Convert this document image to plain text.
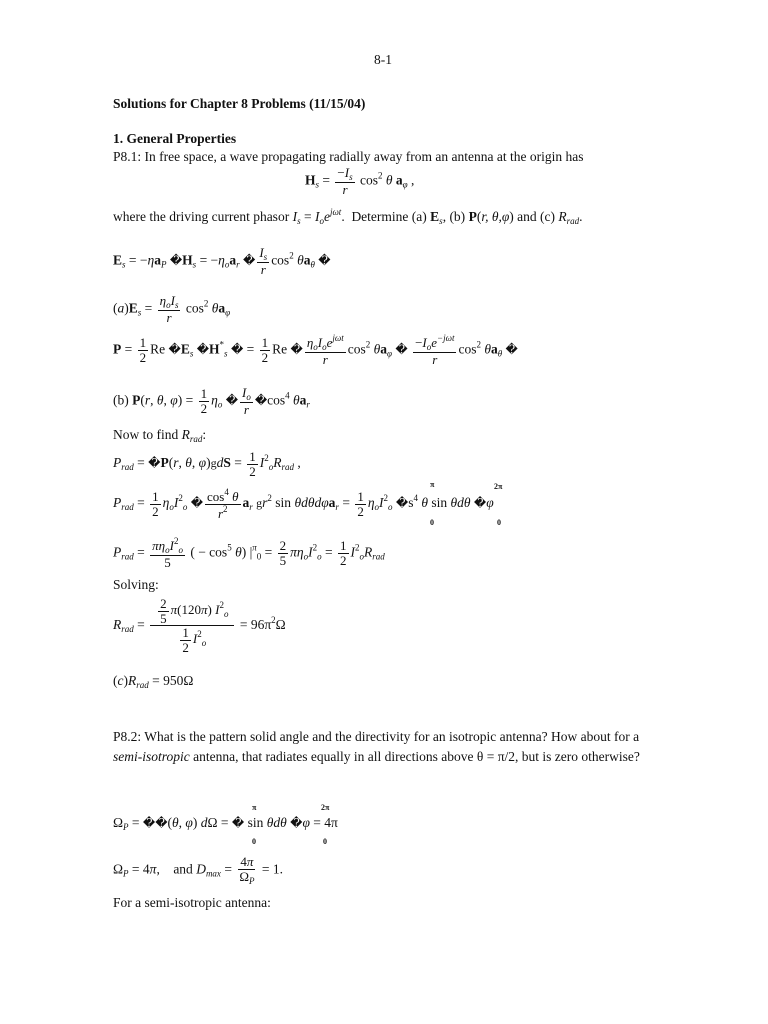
8-1
Solutions for Chapter 8 Problems (11/15/04)
1. General Properties
P8.1: In free space, a wave propagating radially away from an antenna at the origin has
$H_s = \frac{-I_s}{r} \cos^2 \theta$ $a_\varphi$ ,
where the driving current phasor $I_s = I_oe^{j\omega t}$.  Determine (a) $E_s$, (b) P(r, θ,φ) and (c) $R_{rad}$.
$E_s = -\eta a_P$ $�H_s = -\eta_oa_r$ � $\frac{I_s}{r} \cos^2 \theta a_\theta$ �
$(a)E_s = \frac{\eta_oI_s}{r} \cos^2 \theta a_\varphi$
$P = \frac{1}{2}$ Re $�E_s$ $�H^*_s$ � = $\frac{1}{2}$ Re � $\frac{\eta_oI_oe^{j\omega t}}{r} \cos^2 \theta a_\varphi$ � $\frac{-I_oe^{-j\omega t}}{r} \cos^2 \theta a_\theta$ �
(b) P(r, θ, $\varphi) = \frac{1}{2} \eta_o$ � $\frac{I_o}{r}$ $�\cos^4$ $\theta a_r$
Now to find $R_{rad}$:
$P_{rad}$ = �P(r, θ, $\varphi)gdS = \frac{1}{2} I^2_oR_{rad}$ ,
$P_{rad} = \frac{1}{2} \eta_oI^2_o$ � $\frac{\cos^4 \theta}{r^2} a_r$ $gr^2$ $\sin \theta d\theta d\varphi a_r = \frac{1}{2} \eta_oI^2_o$ $�s^4$ θ sin θdθ �φ
π
0
2π
0
$P_{rad} = \frac{\pi\eta_oI^2_o}{5}$ ( − $\cos^5 \theta$) $|^\pi_0 = \frac{2}{5} \pi\eta_oI^2_o = \frac{1}{2} I^2_oR_{rad}$
Solving:
$R_{rad} = \frac{\frac{2}{5} \pi(120\pi) I^2_o}{\frac{1}{2} I^2_o} = 96\pi^2\Omega$
$(c)R_{rad} = 950\Omega$
P8.2: What is the pattern solid angle and the directivity for an isotropic antenna? How about for a semi-isotropic antenna, that radiates equally in all directions above θ = π/2, but is zero otherwise?
$\Omega_P$ = ��(θ, φ) dΩ = � sin θdθ �φ = 4π
π
0
2π
0
$\Omega_P = 4\pi$,    and $D_{max} = \frac{4\pi}{\Omega_P} = 1$.
For a semi-isotropic antenna:
